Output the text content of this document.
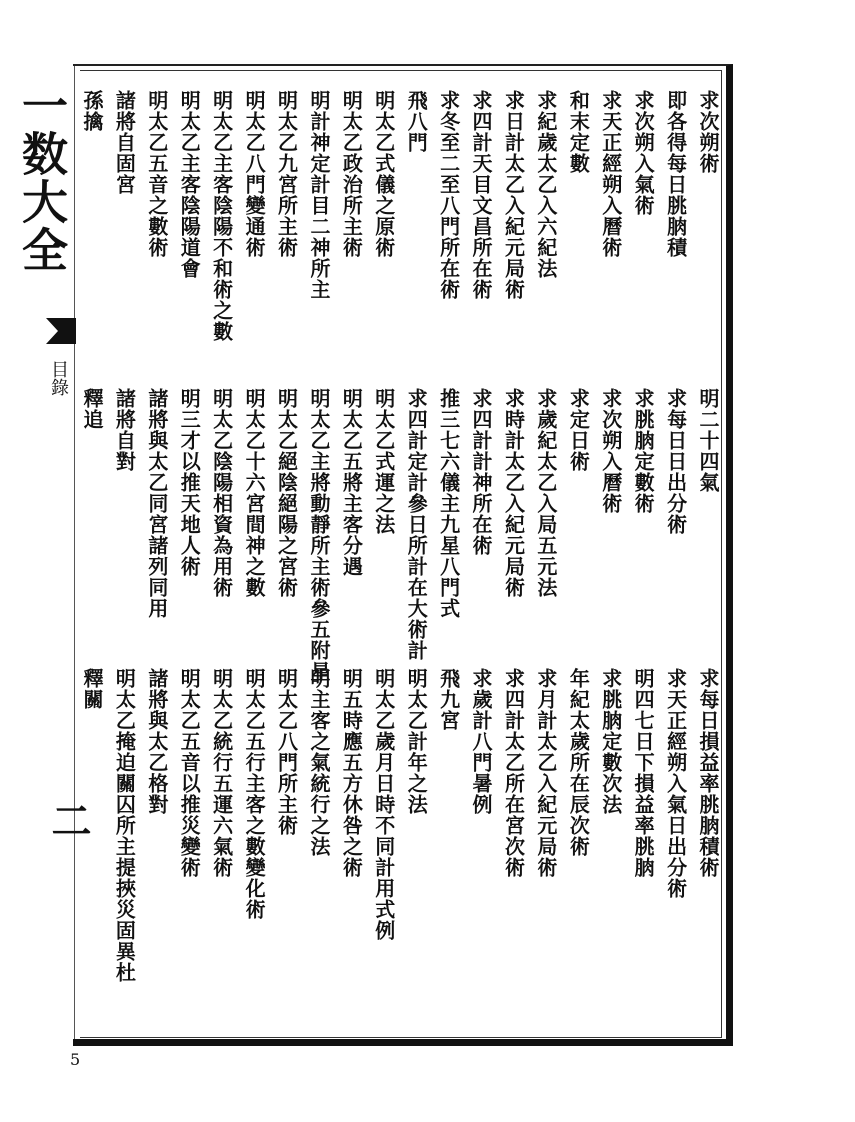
一数大全
目錄
二
5
求次朔術
即各得每日朓朒積
求次朔入氣術
求天正經朔入曆術
和末定數
求紀歲太乙入六紀法
求日計太乙入紀元局術
求四計天目文昌所在術
求冬至二至八門所在術
飛八門
明太乙式儀之原術
明太乙政治所主術
明計神定計目二神所主
明太乙九宮所主術
明太乙八門變通術
明太乙主客陰陽不和術之數
明太乙主客陰陽道會
明太乙五音之數術
諸將自固宮
孫擒
明二十四氣
求每日日出分術
求朓朒定數術
求次朔入曆術
求定日術
求歲紀太乙入局五元法
求時計太乙入紀元局術
求四計計神所在術
推三七六儀主九星八門式
求四計定計參日所計在大術計
明太乙式運之法
明太乙五將主客分遇
明太乙主將動靜所主術參五附星
明太乙絕陰絕陽之宮術
明太乙十六宮間神之數
明太乙陰陽相資為用術
明三才以推天地人術
諸將與太乙同宮諸列同用
諸將自對
釋追
求每日損益率朓朒積術
求天正經朔入氣日出分術
明四七日下損益率朓朒
求朓朒定數次法
年紀太歲所在辰次術
求月計太乙入紀元局術
求四計太乙所在宮次術
求歲計八門暑例
飛九宮
明太乙計年之法
明太乙歲月日時不同計用式例
明五時應五方休咎之術
明主客之氣統行之法
明太乙八門所主術
明太乙五行主客之數變化術
明太乙統行五運六氣術
明太乙五音以推災變術
諸將與太乙格對
明太乙掩迫關囚所主提挾災固異杜
釋關
